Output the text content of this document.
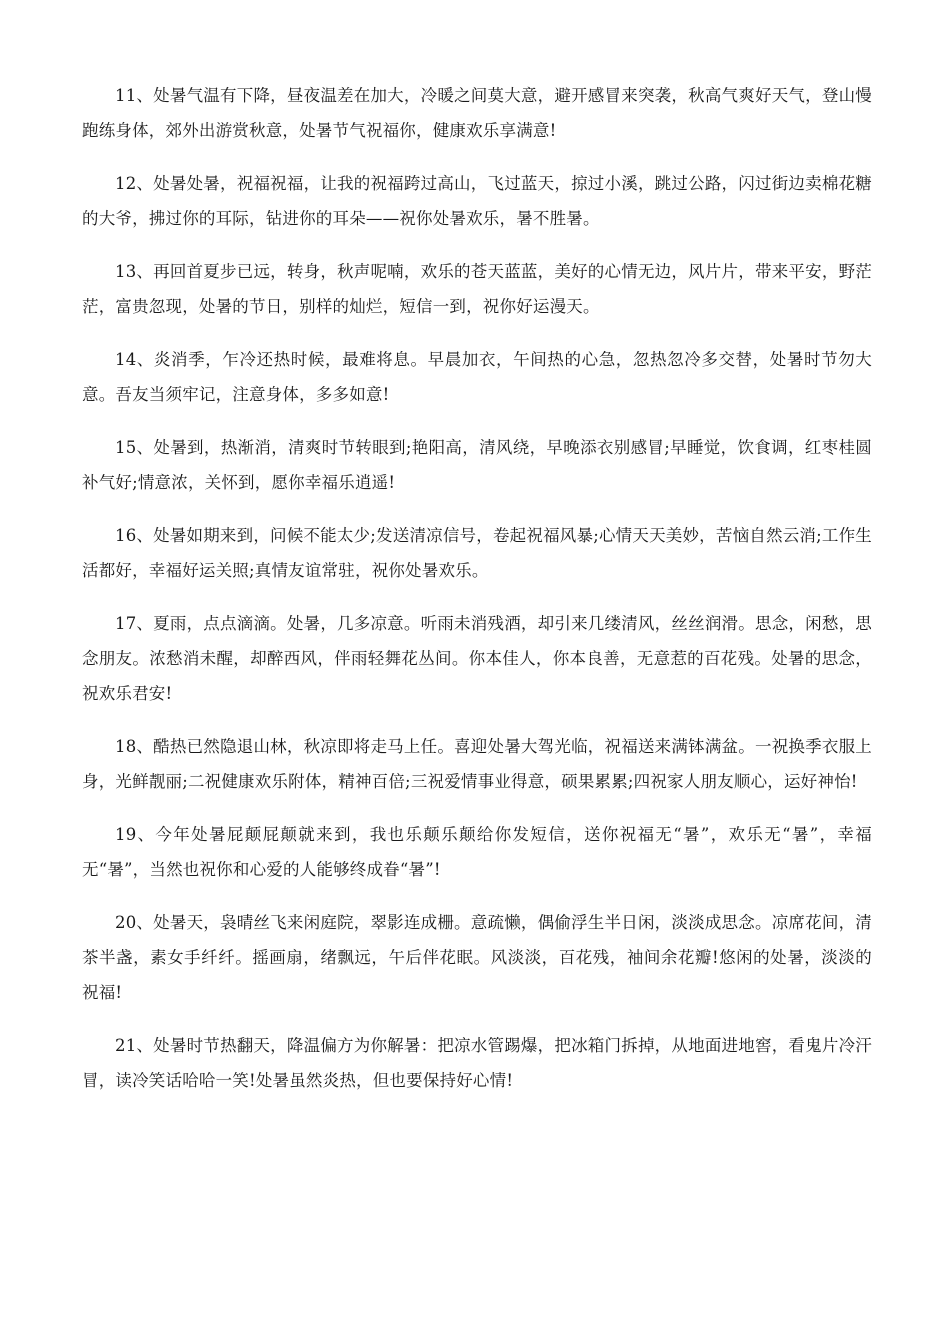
11、处暑气温有下降，昼夜温差在加大，冷暖之间莫大意，避开感冒来突袭，秋高气爽好天气，登山慢跑练身体，郊外出游赏秋意，处暑节气祝福你，健康欢乐享满意!

12、处暑处暑，祝福祝福，让我的祝福跨过高山，飞过蓝天，掠过小溪，跳过公路，闪过街边卖棉花糖的大爷，拂过你的耳际，钻进你的耳朵——祝你处暑欢乐，暑不胜暑。

13、再回首夏步已远，转身，秋声呢喃，欢乐的苍天蓝蓝，美好的心情无边，风片片，带来平安，野茫茫，富贵忽现，处暑的节日，别样的灿烂，短信一到，祝你好运漫天。

14、炎消季，乍冷还热时候，最难将息。早晨加衣，午间热的心急，忽热忽冷多交替，处暑时节勿大意。吾友当须牢记，注意身体，多多如意!

15、处暑到，热渐消，清爽时节转眼到;艳阳高，清风绕，早晚添衣别感冒;早睡觉，饮食调，红枣桂圆补气好;情意浓，关怀到，愿你幸福乐逍遥!

16、处暑如期来到，问候不能太少;发送清凉信号，卷起祝福风暴;心情天天美妙，苦恼自然云消;工作生活都好，幸福好运关照;真情友谊常驻，祝你处暑欢乐。

17、夏雨，点点滴滴。处暑，几多凉意。听雨未消残酒，却引来几缕清风，丝丝润滑。思念，闲愁，思念朋友。浓愁消未醒，却醉西风，伴雨轻舞花丛间。你本佳人，你本良善，无意惹的百花残。处暑的思念，祝欢乐君安!

18、酷热已然隐退山林，秋凉即将走马上任。喜迎处暑大驾光临，祝福送来满钵满盆。一祝换季衣服上身，光鲜靓丽;二祝健康欢乐附体，精神百倍;三祝爱情事业得意，硕果累累;四祝家人朋友顺心，运好神怡!

19、今年处暑屁颠屁颠就来到，我也乐颠乐颠给你发短信，送你祝福无“暑”，欢乐无“暑”，幸福无“暑”，当然也祝你和心爱的人能够终成眷“暑”!

20、处暑天，袅晴丝飞来闲庭院，翠影连成栅。意疏懒，偶偷浮生半日闲，淡淡成思念。凉席花间，清茶半盏，素女手纤纤。摇画扇，绪飘远，午后伴花眠。风淡淡，百花残，袖间余花瓣!悠闲的处暑，淡淡的祝福!

21、处暑时节热翻天，降温偏方为你解暑：把凉水管踢爆，把冰箱门拆掉，从地面进地窖，看鬼片冷汗冒，读冷笑话哈哈一笑!处暑虽然炎热，但也要保持好心情!
